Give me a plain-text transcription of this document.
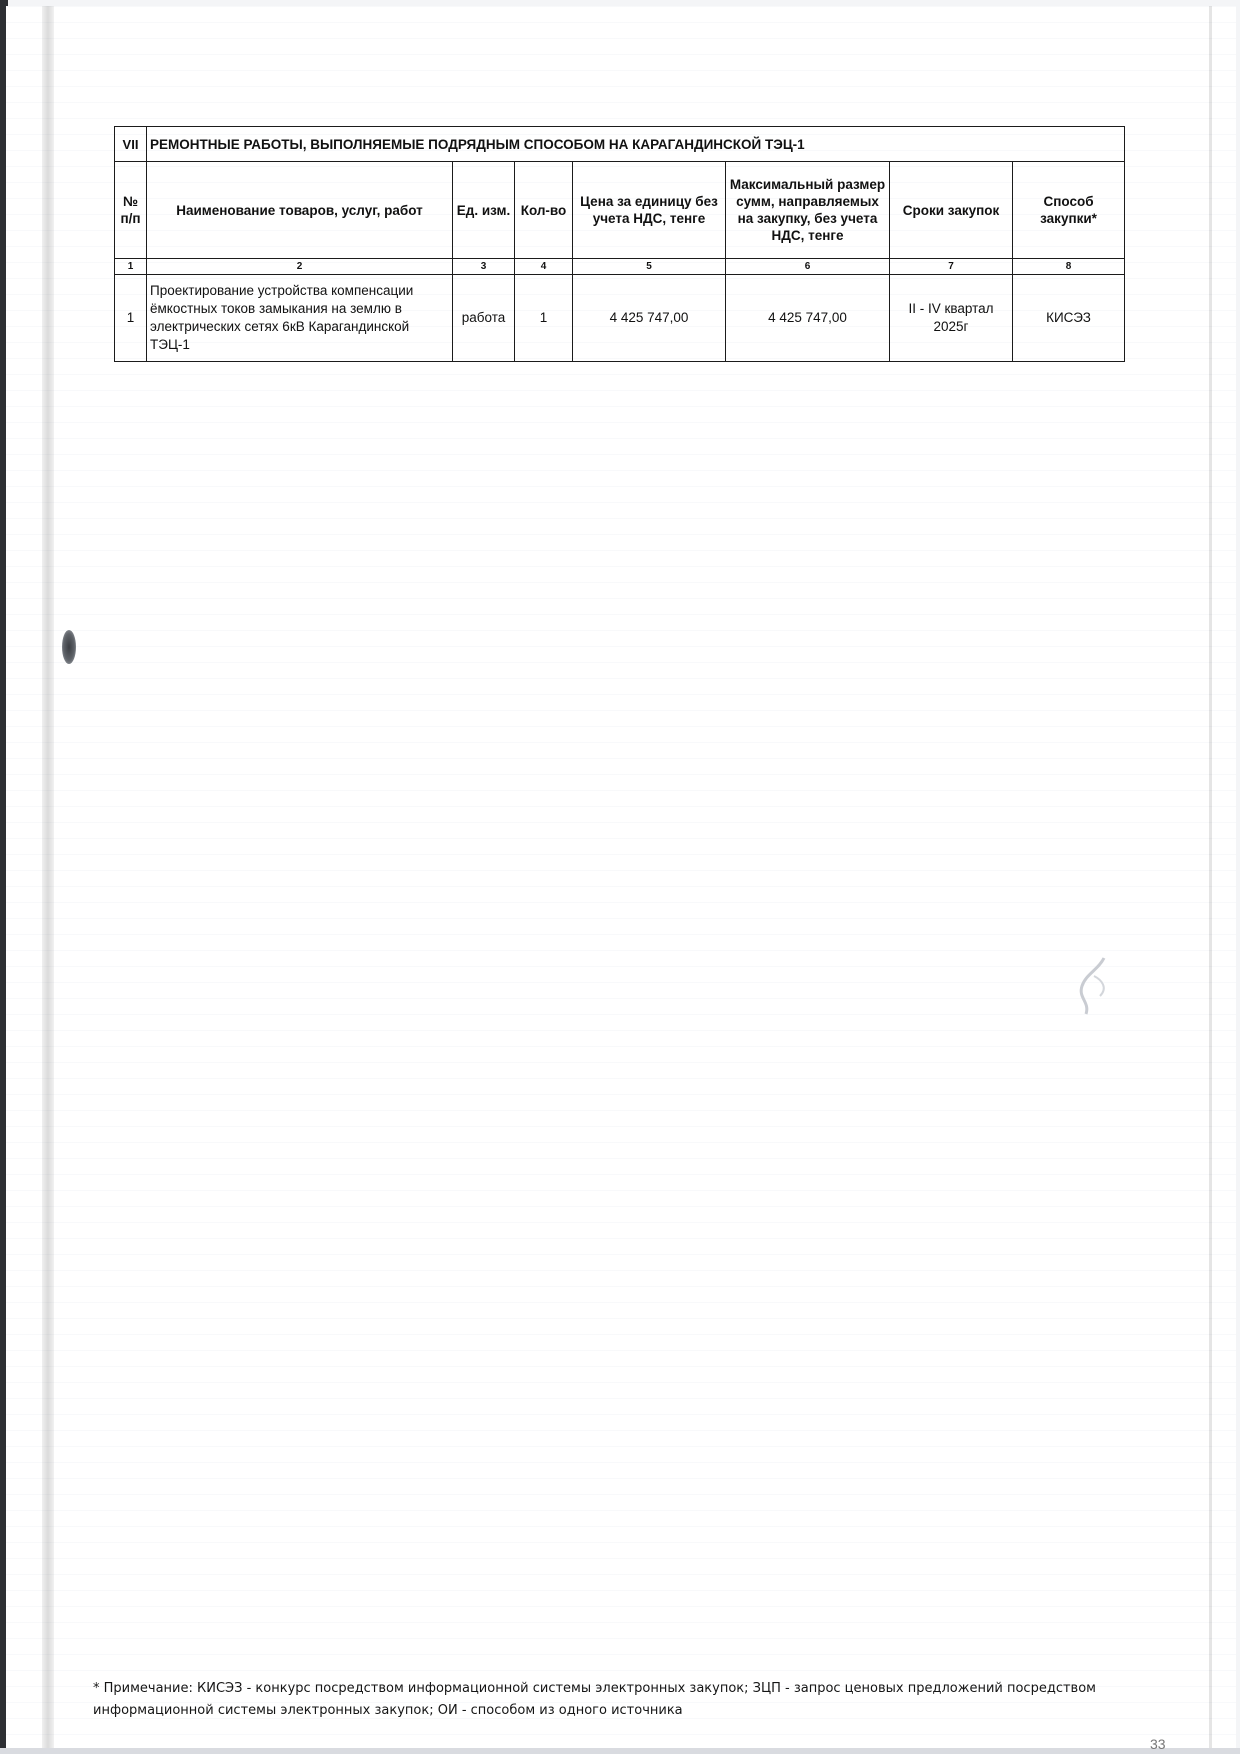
VII	РЕМОНТНЫЕ РАБОТЫ, ВЫПОЛНЯЕМЫЕ ПОДРЯДНЫМ СПОСОБОМ НА КАРАГАНДИНСКОЙ ТЭЦ-1						
№ п/п	Наименование товаров, услуг, работ	Ед. изм.	Кол-во	Цена за единицу без учета НДС, тенге	Максимальный размер сумм, направляемых на закупку, без учета НДС, тенге	Сроки закупок	Способ закупки*
1	2	3	4	5	6	7	8
1	Проектирование устройства компенсации ёмкостных токов замыкания на землю в электрических сетях 6кВ Карагандинской ТЭЦ-1	работа	1	4 425 747,00	4 425 747,00	II - IV квартал 2025г	КИСЭЗ
* Примечание: КИСЭЗ - конкурс посредством информационной системы электронных закупок; ЗЦП - запрос ценовых предложений посредством информационной системы электронных закупок; ОИ - способом из одного источника
33
